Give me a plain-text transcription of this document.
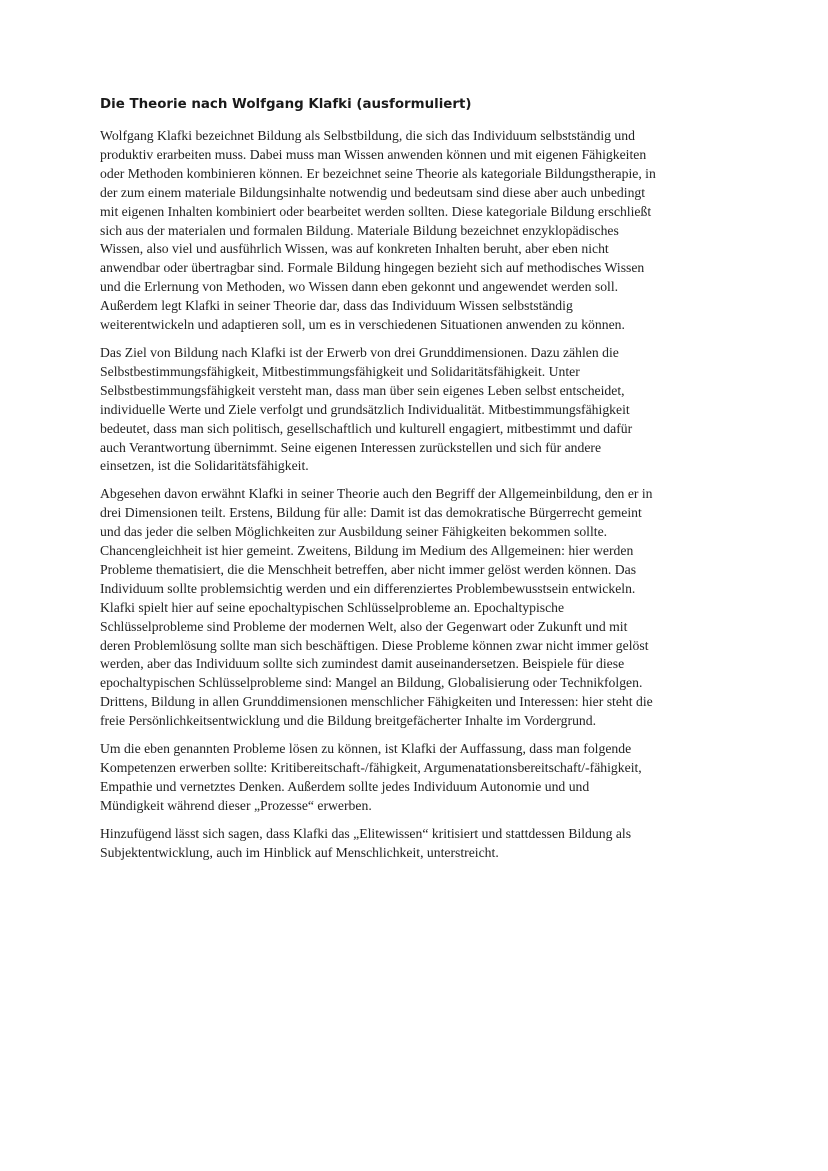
Die Theorie nach Wolfgang Klafki (ausformuliert)

Wolfgang Klafki bezeichnet Bildung als Selbstbildung, die sich das Individuum selbstständig und
produktiv erarbeiten muss. Dabei muss man Wissen anwenden können und mit eigenen Fähigkeiten
oder Methoden kombinieren können. Er bezeichnet seine Theorie als kategoriale Bildungstherapie, in
der zum einem materiale Bildungsinhalte notwendig und bedeutsam sind diese aber auch unbedingt
mit eigenen Inhalten kombiniert oder bearbeitet werden sollten. Diese kategoriale Bildung erschließt
sich aus der materialen und formalen Bildung. Materiale Bildung bezeichnet enzyklopädisches
Wissen, also viel und ausführlich Wissen, was auf konkreten Inhalten beruht, aber eben nicht
anwendbar oder übertragbar sind. Formale Bildung hingegen bezieht sich auf methodisches Wissen
und die Erlernung von Methoden, wo Wissen dann eben gekonnt und angewendet werden soll.
Außerdem legt Klafki in seiner Theorie dar, dass das Individuum Wissen selbstständig
weiterentwickeln und adaptieren soll, um es in verschiedenen Situationen anwenden zu können.

Das Ziel von Bildung nach Klafki ist der Erwerb von drei Grunddimensionen. Dazu zählen die
Selbstbestimmungsfähigkeit, Mitbestimmungsfähigkeit und Solidaritätsfähigkeit. Unter
Selbstbestimmungsfähigkeit versteht man, dass man über sein eigenes Leben selbst entscheidet,
individuelle Werte und Ziele verfolgt und grundsätzlich Individualität. Mitbestimmungsfähigkeit
bedeutet, dass man sich politisch, gesellschaftlich und kulturell engagiert, mitbestimmt und dafür
auch Verantwortung übernimmt. Seine eigenen Interessen zurückstellen und sich für andere
einsetzen, ist die Solidaritätsfähigkeit.

Abgesehen davon erwähnt Klafki in seiner Theorie auch den Begriff der Allgemeinbildung, den er in
drei Dimensionen teilt. Erstens, Bildung für alle: Damit ist das demokratische Bürgerrecht gemeint
und das jeder die selben Möglichkeiten zur Ausbildung seiner Fähigkeiten bekommen sollte.
Chancengleichheit ist hier gemeint. Zweitens, Bildung im Medium des Allgemeinen: hier werden
Probleme thematisiert, die die Menschheit betreffen, aber nicht immer gelöst werden können. Das
Individuum sollte problemsichtig werden und ein differenziertes Problembewusstsein entwickeln.
Klafki spielt hier auf seine epochaltypischen Schlüsselprobleme an. Epochaltypische
Schlüsselprobleme sind Probleme der modernen Welt, also der Gegenwart oder Zukunft und mit
deren Problemlösung sollte man sich beschäftigen. Diese Probleme können zwar nicht immer gelöst
werden, aber das Individuum sollte sich zumindest damit auseinandersetzen. Beispiele für diese
epochaltypischen Schlüsselprobleme sind: Mangel an Bildung, Globalisierung oder Technikfolgen.
Drittens, Bildung in allen Grunddimensionen menschlicher Fähigkeiten und Interessen: hier steht die
freie Persönlichkeitsentwicklung und die Bildung breitgefächerter Inhalte im Vordergrund.

Um die eben genannten Probleme lösen zu können, ist Klafki der Auffassung, dass man folgende
Kompetenzen erwerben sollte: Kritibereitschaft-/fähigkeit, Argumenatationsbereitschaft/-fähigkeit,
Empathie und vernetztes Denken. Außerdem sollte jedes Individuum Autonomie und und
Mündigkeit während dieser „Prozesse“ erwerben.

Hinzufügend lässt sich sagen, dass Klafki das „Elitewissen“ kritisiert und stattdessen Bildung als
Subjektentwicklung, auch im Hinblick auf Menschlichkeit, unterstreicht.
